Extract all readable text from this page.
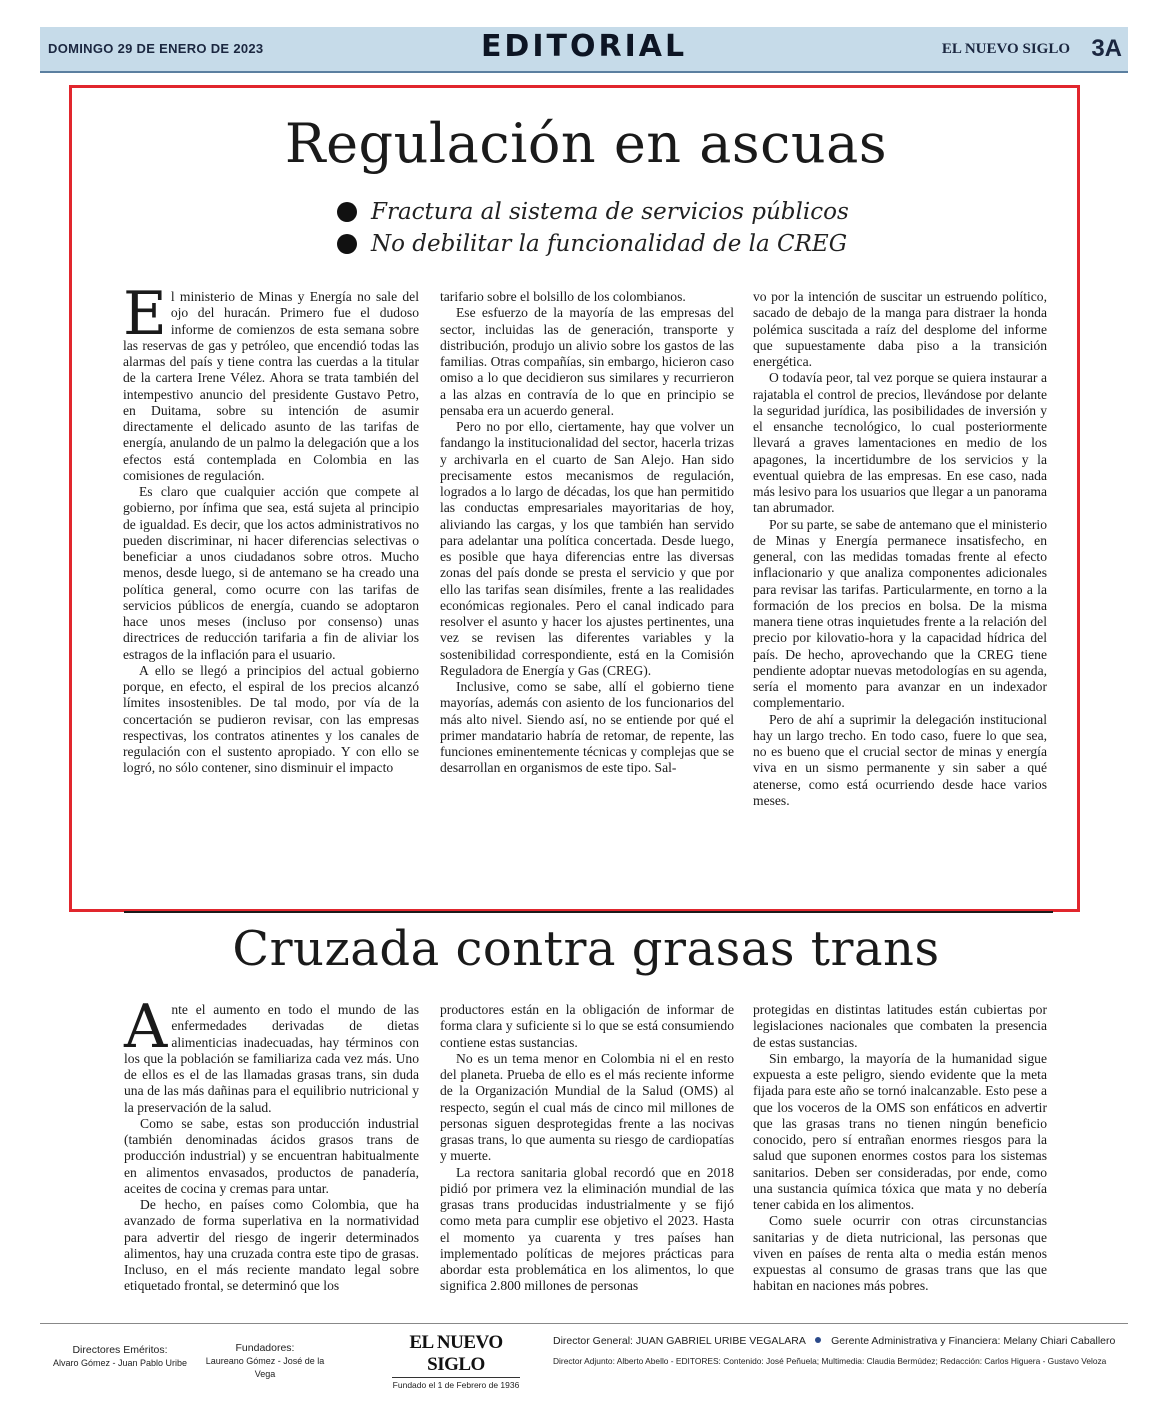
DOMINGO 29 DE ENERO DE 2023	EDITORIAL	EL NUEVO SIGLO 3A
Regulación en ascuas
Fractura al sistema de servicios públicos
No debilitar la funcionalidad de la CREG

El ministerio de Minas y Energía no sale del ojo del huracán. Primero fue el dudoso informe de comienzos de esta semana sobre las reservas de gas y petróleo, que encendió todas las alarmas del país y tiene contra las cuerdas a la titular de la cartera Irene Vélez. Ahora se trata también del intempestivo anuncio del presidente Gustavo Petro, en Duitama, sobre su intención de asumir directamente el delicado asunto de las tarifas de energía, anulando de un palmo la delegación que a los efectos está contemplada en Colombia en las comisiones de regulación.

Es claro que cualquier acción que compete al gobierno, por ínfima que sea, está sujeta al principio de igualdad. Es decir, que los actos administrativos no pueden discriminar, ni hacer diferencias selectivas o beneficiar a unos ciudadanos sobre otros. Mucho menos, desde luego, si de antemano se ha creado una política general, como ocurre con las tarifas de servicios públicos de energía, cuando se adoptaron hace unos meses (incluso por consenso) unas directrices de reducción tarifaria a fin de aliviar los estragos de la inflación para el usuario.

A ello se llegó a principios del actual gobierno porque, en efecto, el espiral de los precios alcanzó límites insostenibles. De tal modo, por vía de la concertación se pudieron revisar, con las empresas respectivas, los contratos atinentes y los canales de regulación con el sustento apropiado. Y con ello se logró, no sólo contener, sino disminuir el impacto

tarifario sobre el bolsillo de los colombianos.

Ese esfuerzo de la mayoría de las empresas del sector, incluidas las de generación, transporte y distribución, produjo un alivio sobre los gastos de las familias. Otras compañías, sin embargo, hicieron caso omiso a lo que decidieron sus similares y recurrieron a las alzas en contravía de lo que en principio se pensaba era un acuerdo general.

Pero no por ello, ciertamente, hay que volver un fandango la institucionalidad del sector, hacerla trizas y archivarla en el cuarto de San Alejo. Han sido precisamente estos mecanismos de regulación, logrados a lo largo de décadas, los que han permitido las conductas empresariales mayoritarias de hoy, aliviando las cargas, y los que también han servido para adelantar una política concertada. Desde luego, es posible que haya diferencias entre las diversas zonas del país donde se presta el servicio y que por ello las tarifas sean disímiles, frente a las realidades económicas regionales. Pero el canal indicado para resolver el asunto y hacer los ajustes pertinentes, una vez se revisen las diferentes variables y la sostenibilidad correspondiente, está en la Comisión Reguladora de Energía y Gas (CREG).

Inclusive, como se sabe, allí el gobierno tiene mayorías, además con asiento de los funcionarios del más alto nivel. Siendo así, no se entiende por qué el primer mandatario habría de retomar, de repente, las funciones eminentemente técnicas y complejas que se desarrollan en organismos de este tipo. Sal-

vo por la intención de suscitar un estruendo político, sacado de debajo de la manga para distraer la honda polémica suscitada a raíz del desplome del informe que supuestamente daba piso a la transición energética.

O todavía peor, tal vez porque se quiera instaurar a rajatabla el control de precios, llevándose por delante la seguridad jurídica, las posibilidades de inversión y el ensanche tecnológico, lo cual posteriormente llevará a graves lamentaciones en medio de los apagones, la incertidumbre de los servicios y la eventual quiebra de las empresas. En ese caso, nada más lesivo para los usuarios que llegar a un panorama tan abrumador.

Por su parte, se sabe de antemano que el ministerio de Minas y Energía permanece insatisfecho, en general, con las medidas tomadas frente al efecto inflacionario y que analiza componentes adicionales para revisar las tarifas. Particularmente, en torno a la formación de los precios en bolsa. De la misma manera tiene otras inquietudes frente a la relación del precio por kilovatio-hora y la capacidad hídrica del país. De hecho, aprovechando que la CREG tiene pendiente adoptar nuevas metodologías en su agenda, sería el momento para avanzar en un indexador complementario.

Pero de ahí a suprimir la delegación institucional hay un largo trecho. En todo caso, fuere lo que sea, no es bueno que el crucial sector de minas y energía viva en un sismo permanente y sin saber a qué atenerse, como está ocurriendo desde hace varios meses.

Cruzada contra grasas trans

Ante el aumento en todo el mundo de las enfermedades derivadas de dietas alimenticias inadecuadas, hay términos con los que la población se familiariza cada vez más. Uno de ellos es el de las llamadas grasas trans, sin duda una de las más dañinas para el equilibrio nutricional y la preservación de la salud.

Como se sabe, estas son producción industrial (también denominadas ácidos grasos trans de producción industrial) y se encuentran habitualmente en alimentos envasados, productos de panadería, aceites de cocina y cremas para untar.

De hecho, en países como Colombia, que ha avanzado de forma superlativa en la normatividad para advertir del riesgo de ingerir determinados alimentos, hay una cruzada contra este tipo de grasas. Incluso, en el más reciente mandato legal sobre etiquetado frontal, se determinó que los

productores están en la obligación de informar de forma clara y suficiente si lo que se está consumiendo contiene estas sustancias.

No es un tema menor en Colombia ni el en resto del planeta. Prueba de ello es el más reciente informe de la Organización Mundial de la Salud (OMS) al respecto, según el cual más de cinco mil millones de personas siguen desprotegidas frente a las nocivas grasas trans, lo que aumenta su riesgo de cardiopatías y muerte.

La rectora sanitaria global recordó que en 2018 pidió por primera vez la eliminación mundial de las grasas trans producidas industrialmente y se fijó como meta para cumplir ese objetivo el 2023. Hasta el momento ya cuarenta y tres países han implementado políticas de mejores prácticas para abordar esta problemática en los alimentos, lo que significa 2.800 millones de personas

protegidas en distintas latitudes están cubiertas por legislaciones nacionales que combaten la presencia de estas sustancias.

Sin embargo, la mayoría de la humanidad sigue expuesta a este peligro, siendo evidente que la meta fijada para este año se tornó inalcanzable. Esto pese a que los voceros de la OMS son enfáticos en advertir que las grasas trans no tienen ningún beneficio conocido, pero sí entrañan enormes riesgos para la salud que suponen enormes costos para los sistemas sanitarios. Deben ser consideradas, por ende, como una sustancia química tóxica que mata y no debería tener cabida en los alimentos.

Como suele ocurrir con otras circunstancias sanitarias y de dieta nutricional, las personas que viven en países de renta alta o media están menos expuestas al consumo de grasas trans que las que habitan en naciones más pobres.

Directores Eméritos:
Alvaro Gómez - Juan Pablo Uribe
Fundadores:
Laureano Gómez - José de la Vega
EL NUEVO SIGLO
Fundado el 1 de Febrero de 1936
Director General: JUAN GABRIEL URIBE VEGALARA Gerente Administrativa y Financiera: Melany Chiari Caballero
Director Adjunto: Alberto Abello - EDITORES: Contenido: José Peñuela; Multimedia: Claudia Bermúdez; Redacción: Carlos Higuera - Gustavo Veloza
